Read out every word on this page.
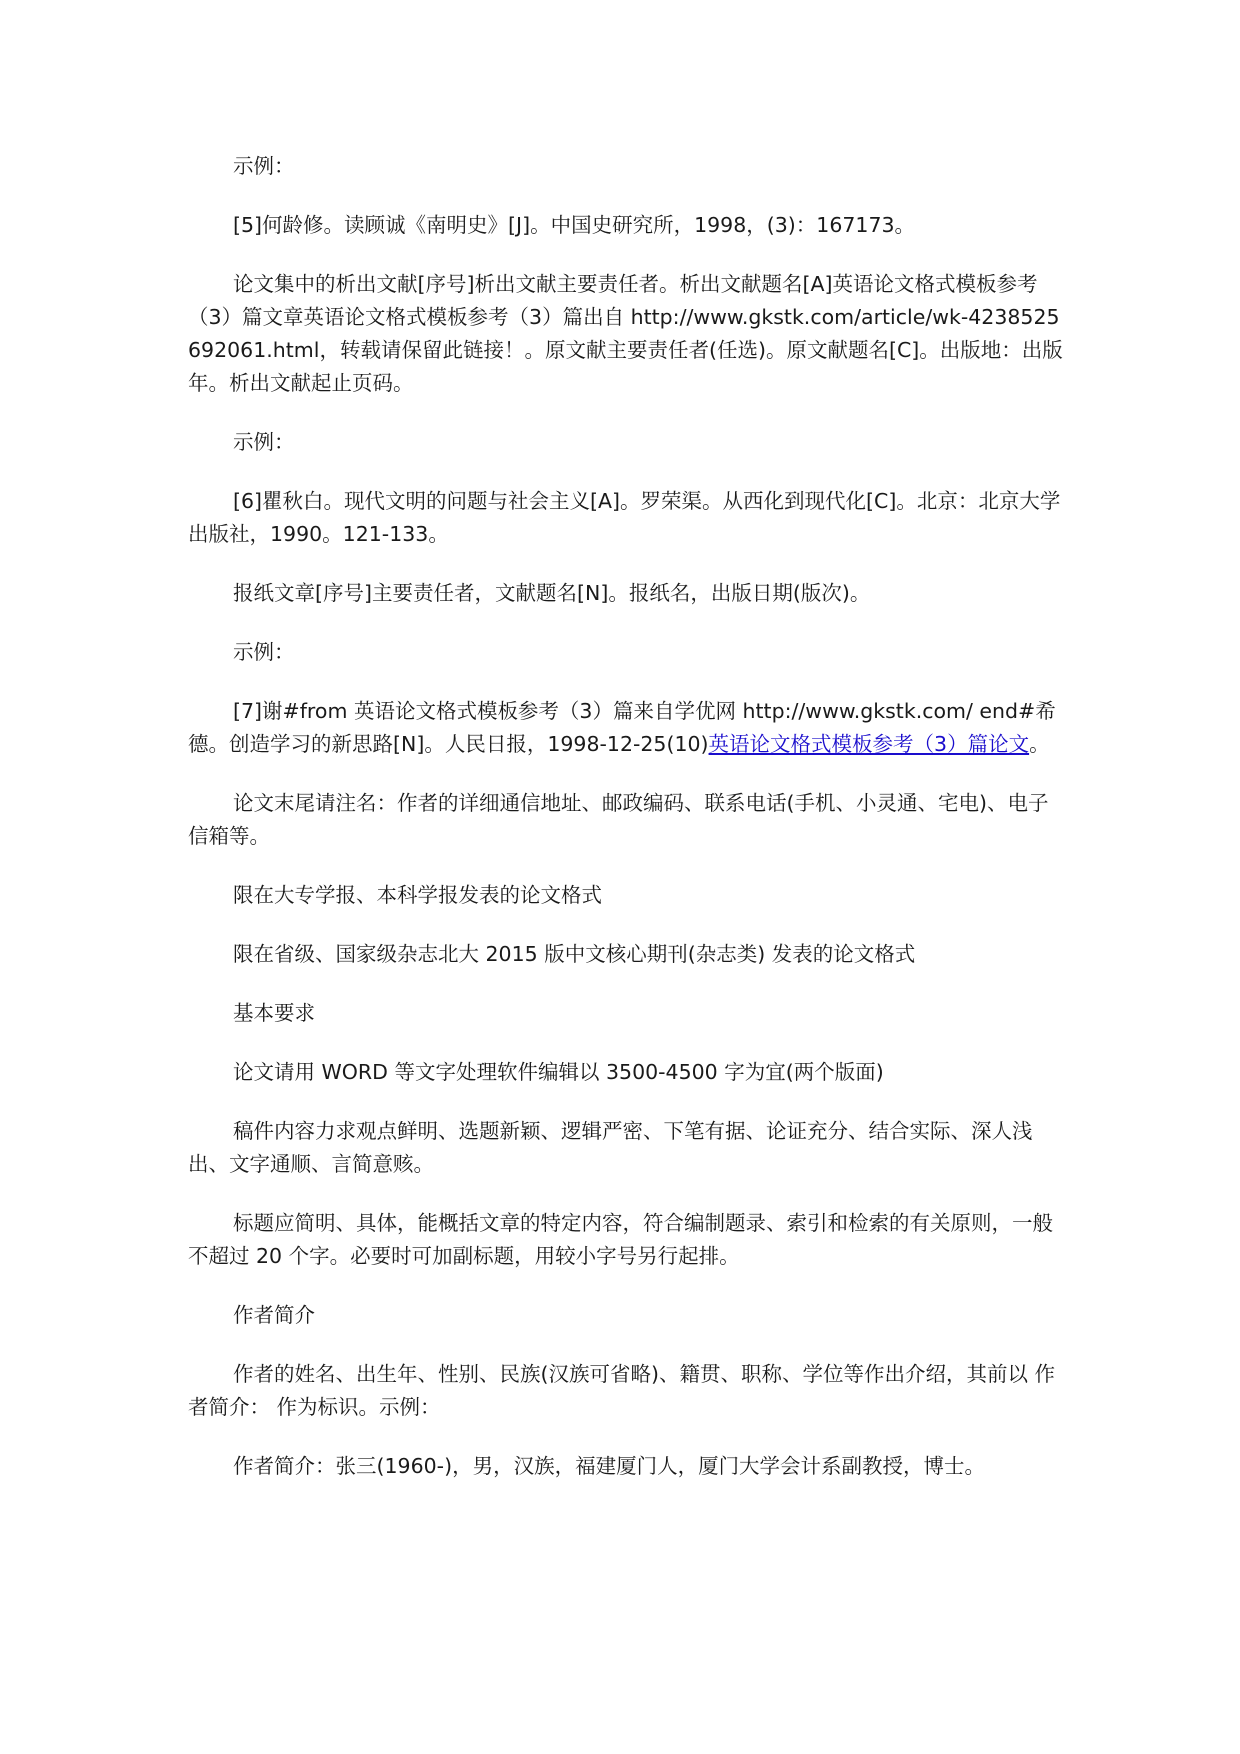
示例：

[5]何龄修。读顾诚《南明史》[J]。中国史研究所，1998，(3)：167173。

论文集中的析出文献[序号]析出文献主要责任者。析出文献题名[A]英语论文格式模板参考（3）篇文章英语论文格式模板参考（3）篇出自 http://www.gkstk.com/article/wk-4238525692061.html，转载请保留此链接！。原文献主要责任者(任选)。原文献题名[C]。出版地：出版年。析出文献起止页码。

示例：

[6]瞿秋白。现代文明的问题与社会主义[A]。罗荣渠。从西化到现代化[C]。北京：北京大学出版社，1990。121-133。

报纸文章[序号]主要责任者，文献题名[N]。报纸名，出版日期(版次)。

示例：

[7]谢#from 英语论文格式模板参考（3）篇来自学优网 http://www.gkstk.com/ end#希德。创造学习的新思路[N]。人民日报，1998-12-25(10)英语论文格式模板参考（3）篇论文。

论文末尾请注名：作者的详细通信地址、邮政编码、联系电话(手机、小灵通、宅电)、电子信箱等。

限在大专学报、本科学报发表的论文格式

限在省级、国家级杂志北大 2015 版中文核心期刊(杂志类) 发表的论文格式

基本要求

论文请用 WORD 等文字处理软件编辑以 3500-4500 字为宜(两个版面)

稿件内容力求观点鲜明、选题新颖、逻辑严密、下笔有据、论证充分、结合实际、深人浅出、文字通顺、言简意赅。

标题应简明、具体，能概括文章的特定内容，符合编制题录、索引和检索的有关原则，一般不超过 20 个字。必要时可加副标题，用较小字号另行起排。

作者简介

作者的姓名、出生年、性别、民族(汉族可省略)、籍贯、职称、学位等作出介绍，其前以 作者简介： 作为标识。示例：

作者简介：张三(1960-)，男，汉族，福建厦门人，厦门大学会计系副教授，博士。
